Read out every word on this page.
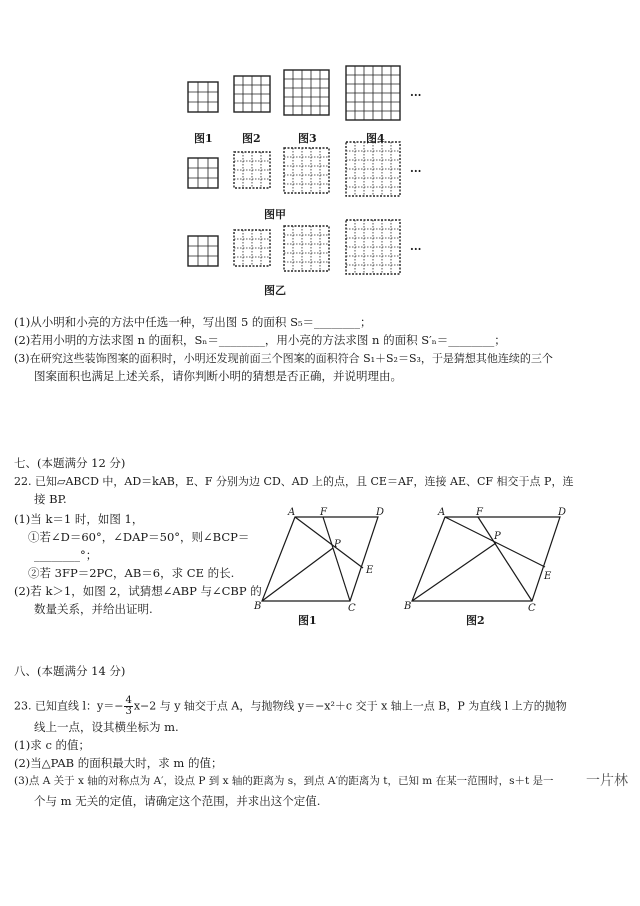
图1	图2	图3	图4
...
...
...
图甲
图乙
(1)从小明和小亮的方法中任选一种，写出图 5 的面积 S₅＝________；
(2)若用小明的方法求图 n 的面积，Sₙ＝________，用小亮的方法求图 n 的面积 S′ₙ＝________；
(3)在研究这些装饰图案的面积时，小明还发现前面三个图案的面积符合 S₁＋S₂＝S₃，于是猜想其他连续的三个
图案面积也满足上述关系，请你判断小明的猜想是否正确，并说明理由。
七、(本题满分 12 分)
22. 已知▱ABCD 中，AD＝kAB，E、F 分别为边 CD、AD 上的点，且 CE＝AF，连接 AE、CF 相交于点 P，连
接 BP.
(1)当 k＝1 时，如图 1，
①若∠D＝60°，∠DAP＝50°，则∠BCP＝
________°；
②若 3FP＝2PC，AB＝6，求 CE 的长.
(2)若 k＞1，如图 2，试猜想∠ABP 与∠CBP 的
数量关系，并给出证明.
A F	D
P
E
B	C
图1
A	F	D
P
E
B	C
图2
八、(本题满分 14 分)
23. 已知直线 l：$y=- \frac{4}{3} x-2$ 与 y 轴交于点 A，与抛物线 y＝−x²＋c 交于 x 轴上一点 B，P 为直线 l 上方的抛物
线上一点，设其横坐标为 m.
(1)求 c 的值；
(2)当△PAB 的面积最大时，求 m 的值；
(3)点 A 关于 x 轴的对称点为 A′，设点 P 到 x 轴的距离为 s，到点 A′的距离为 t，已知 m 在某一范围时，s＋t 是一
个与 m 无关的定值，请确定这个范围，并求出这个定值.
一片林
